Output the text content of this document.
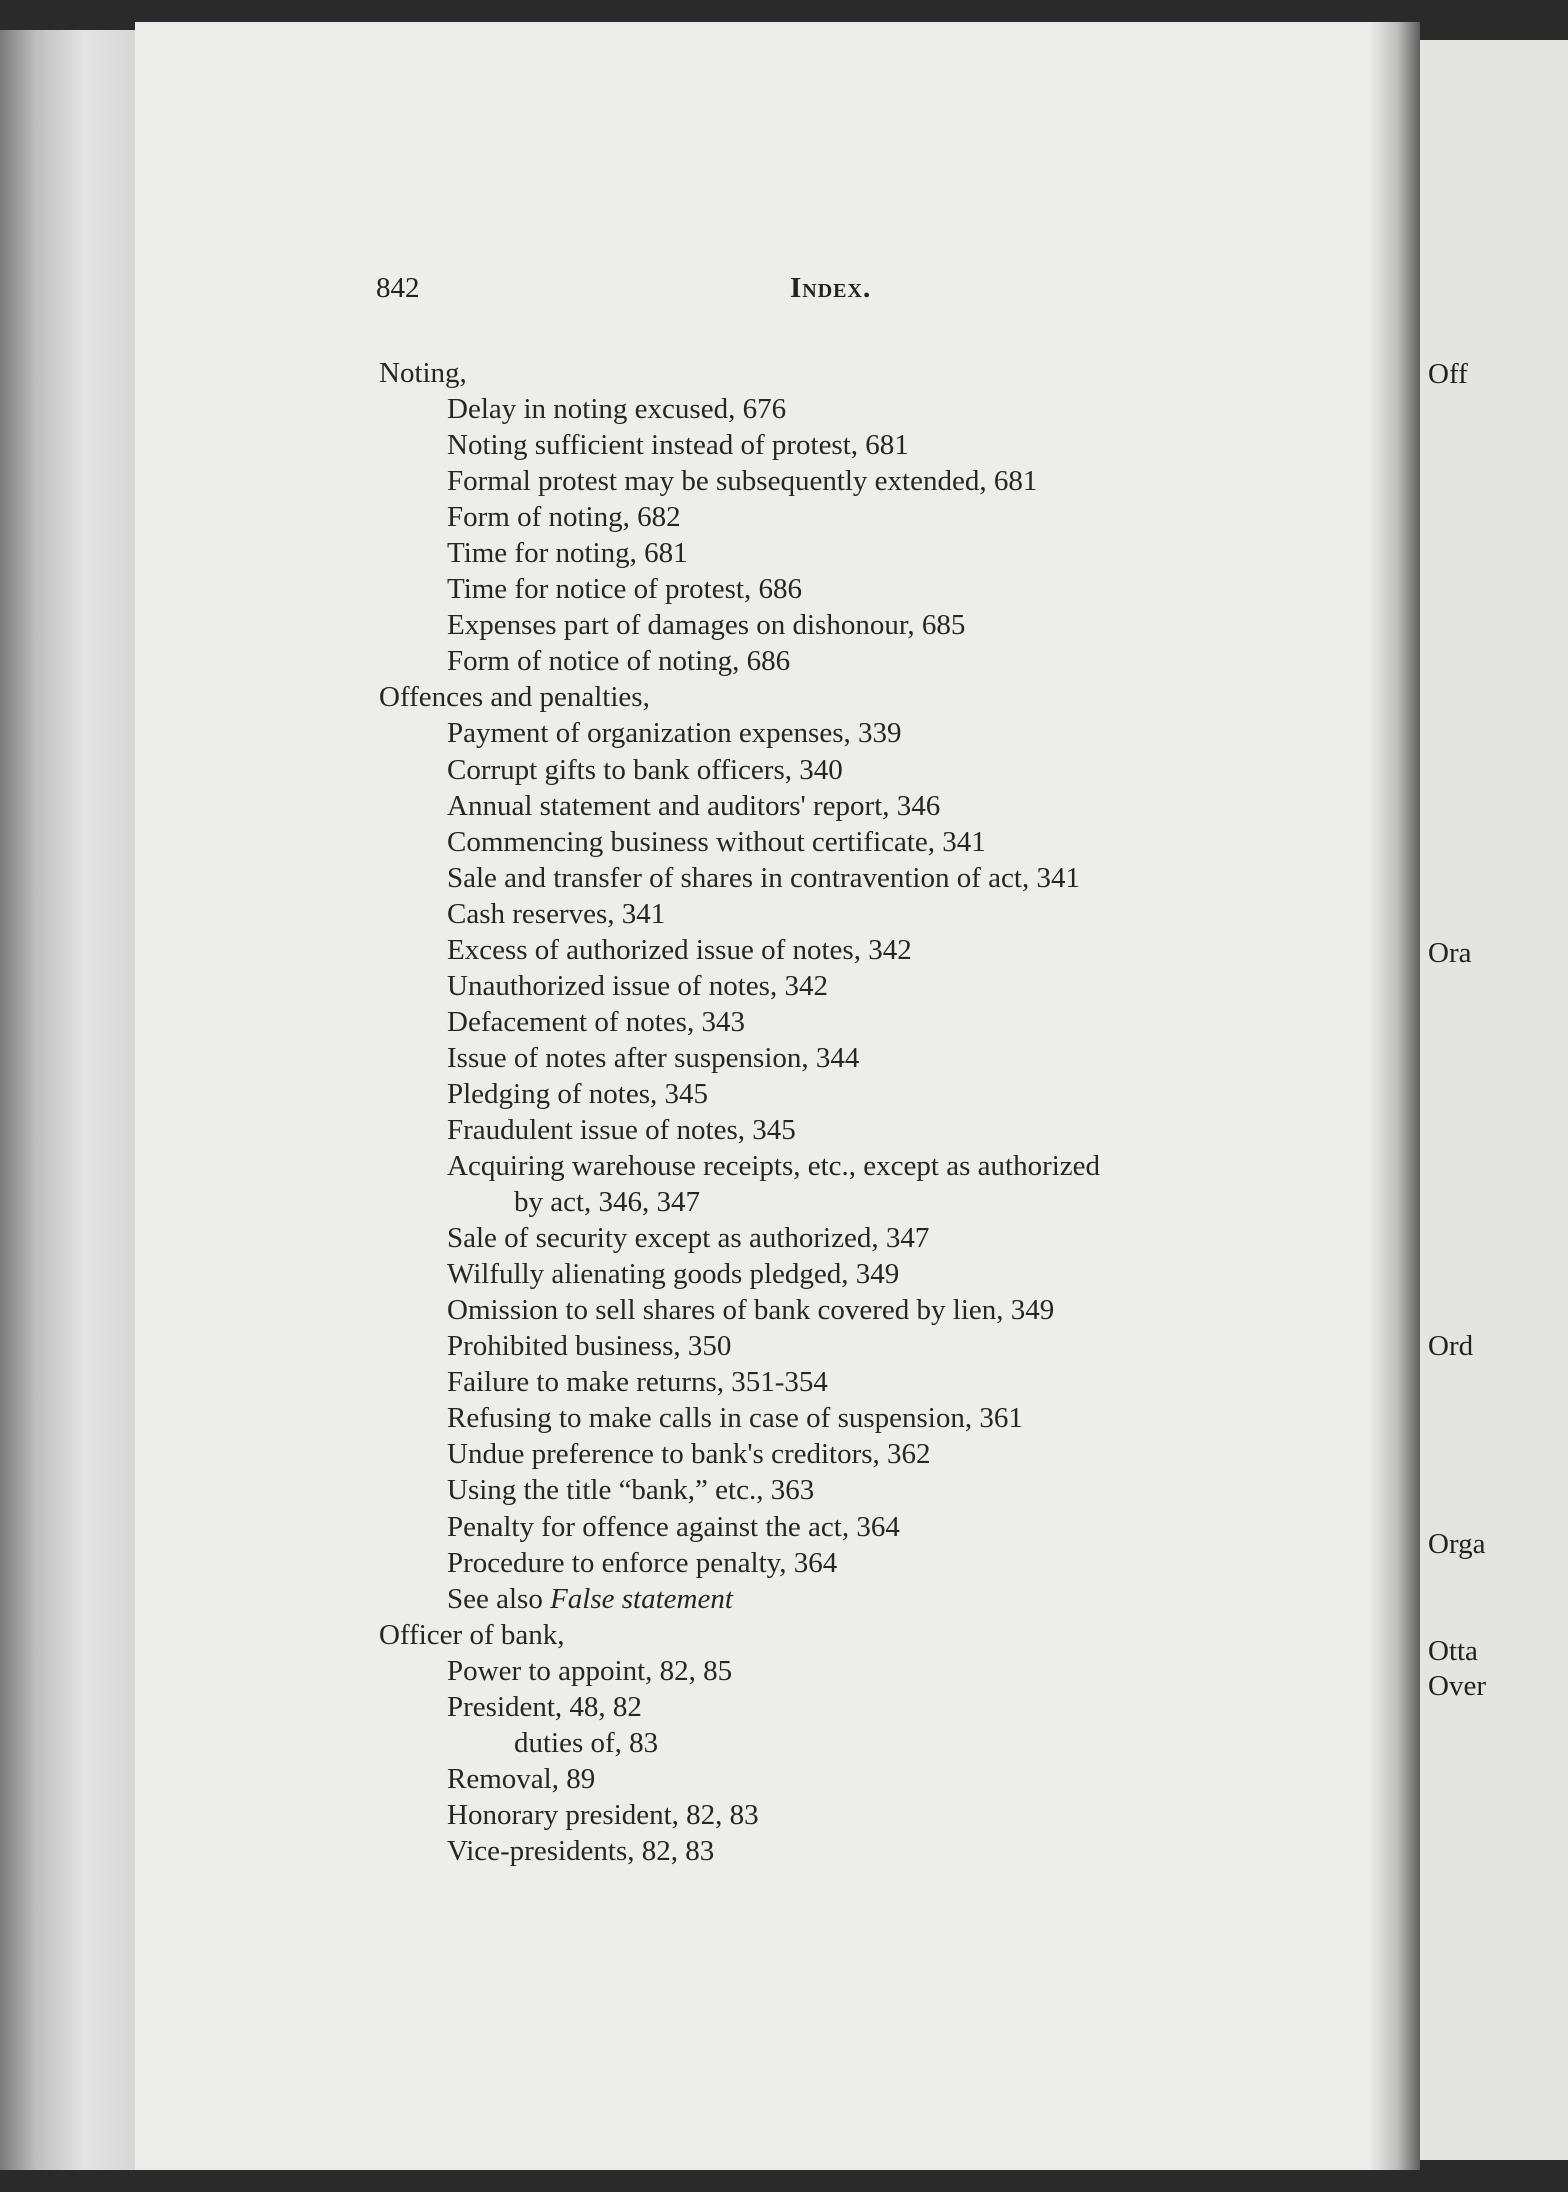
Off
Ora
Ord
Orga
Otta
Over
842	Index.
Noting,
Delay in noting excused, 676
Noting sufficient instead of protest, 681
Formal protest may be subsequently extended, 681
Form of noting, 682
Time for noting, 681
Time for notice of protest, 686
Expenses part of damages on dishonour, 685
Form of notice of noting, 686
Offences and penalties,
Payment of organization expenses, 339
Corrupt gifts to bank officers, 340
Annual statement and auditors' report, 346
Commencing business without certificate, 341
Sale and transfer of shares in contravention of act, 341
Cash reserves, 341
Excess of authorized issue of notes, 342
Unauthorized issue of notes, 342
Defacement of notes, 343
Issue of notes after suspension, 344
Pledging of notes, 345
Fraudulent issue of notes, 345
Acquiring warehouse receipts, etc., except as authorized
by act, 346, 347
Sale of security except as authorized, 347
Wilfully alienating goods pledged, 349
Omission to sell shares of bank covered by lien, 349
Prohibited business, 350
Failure to make returns, 351-354
Refusing to make calls in case of suspension, 361
Undue preference to bank's creditors, 362
Using the title “bank,” etc., 363
Penalty for offence against the act, 364
Procedure to enforce penalty, 364
See also False statement
Officer of bank,
Power to appoint, 82, 85
President, 48, 82
duties of, 83
Removal, 89
Honorary president, 82, 83
Vice-presidents, 82, 83
